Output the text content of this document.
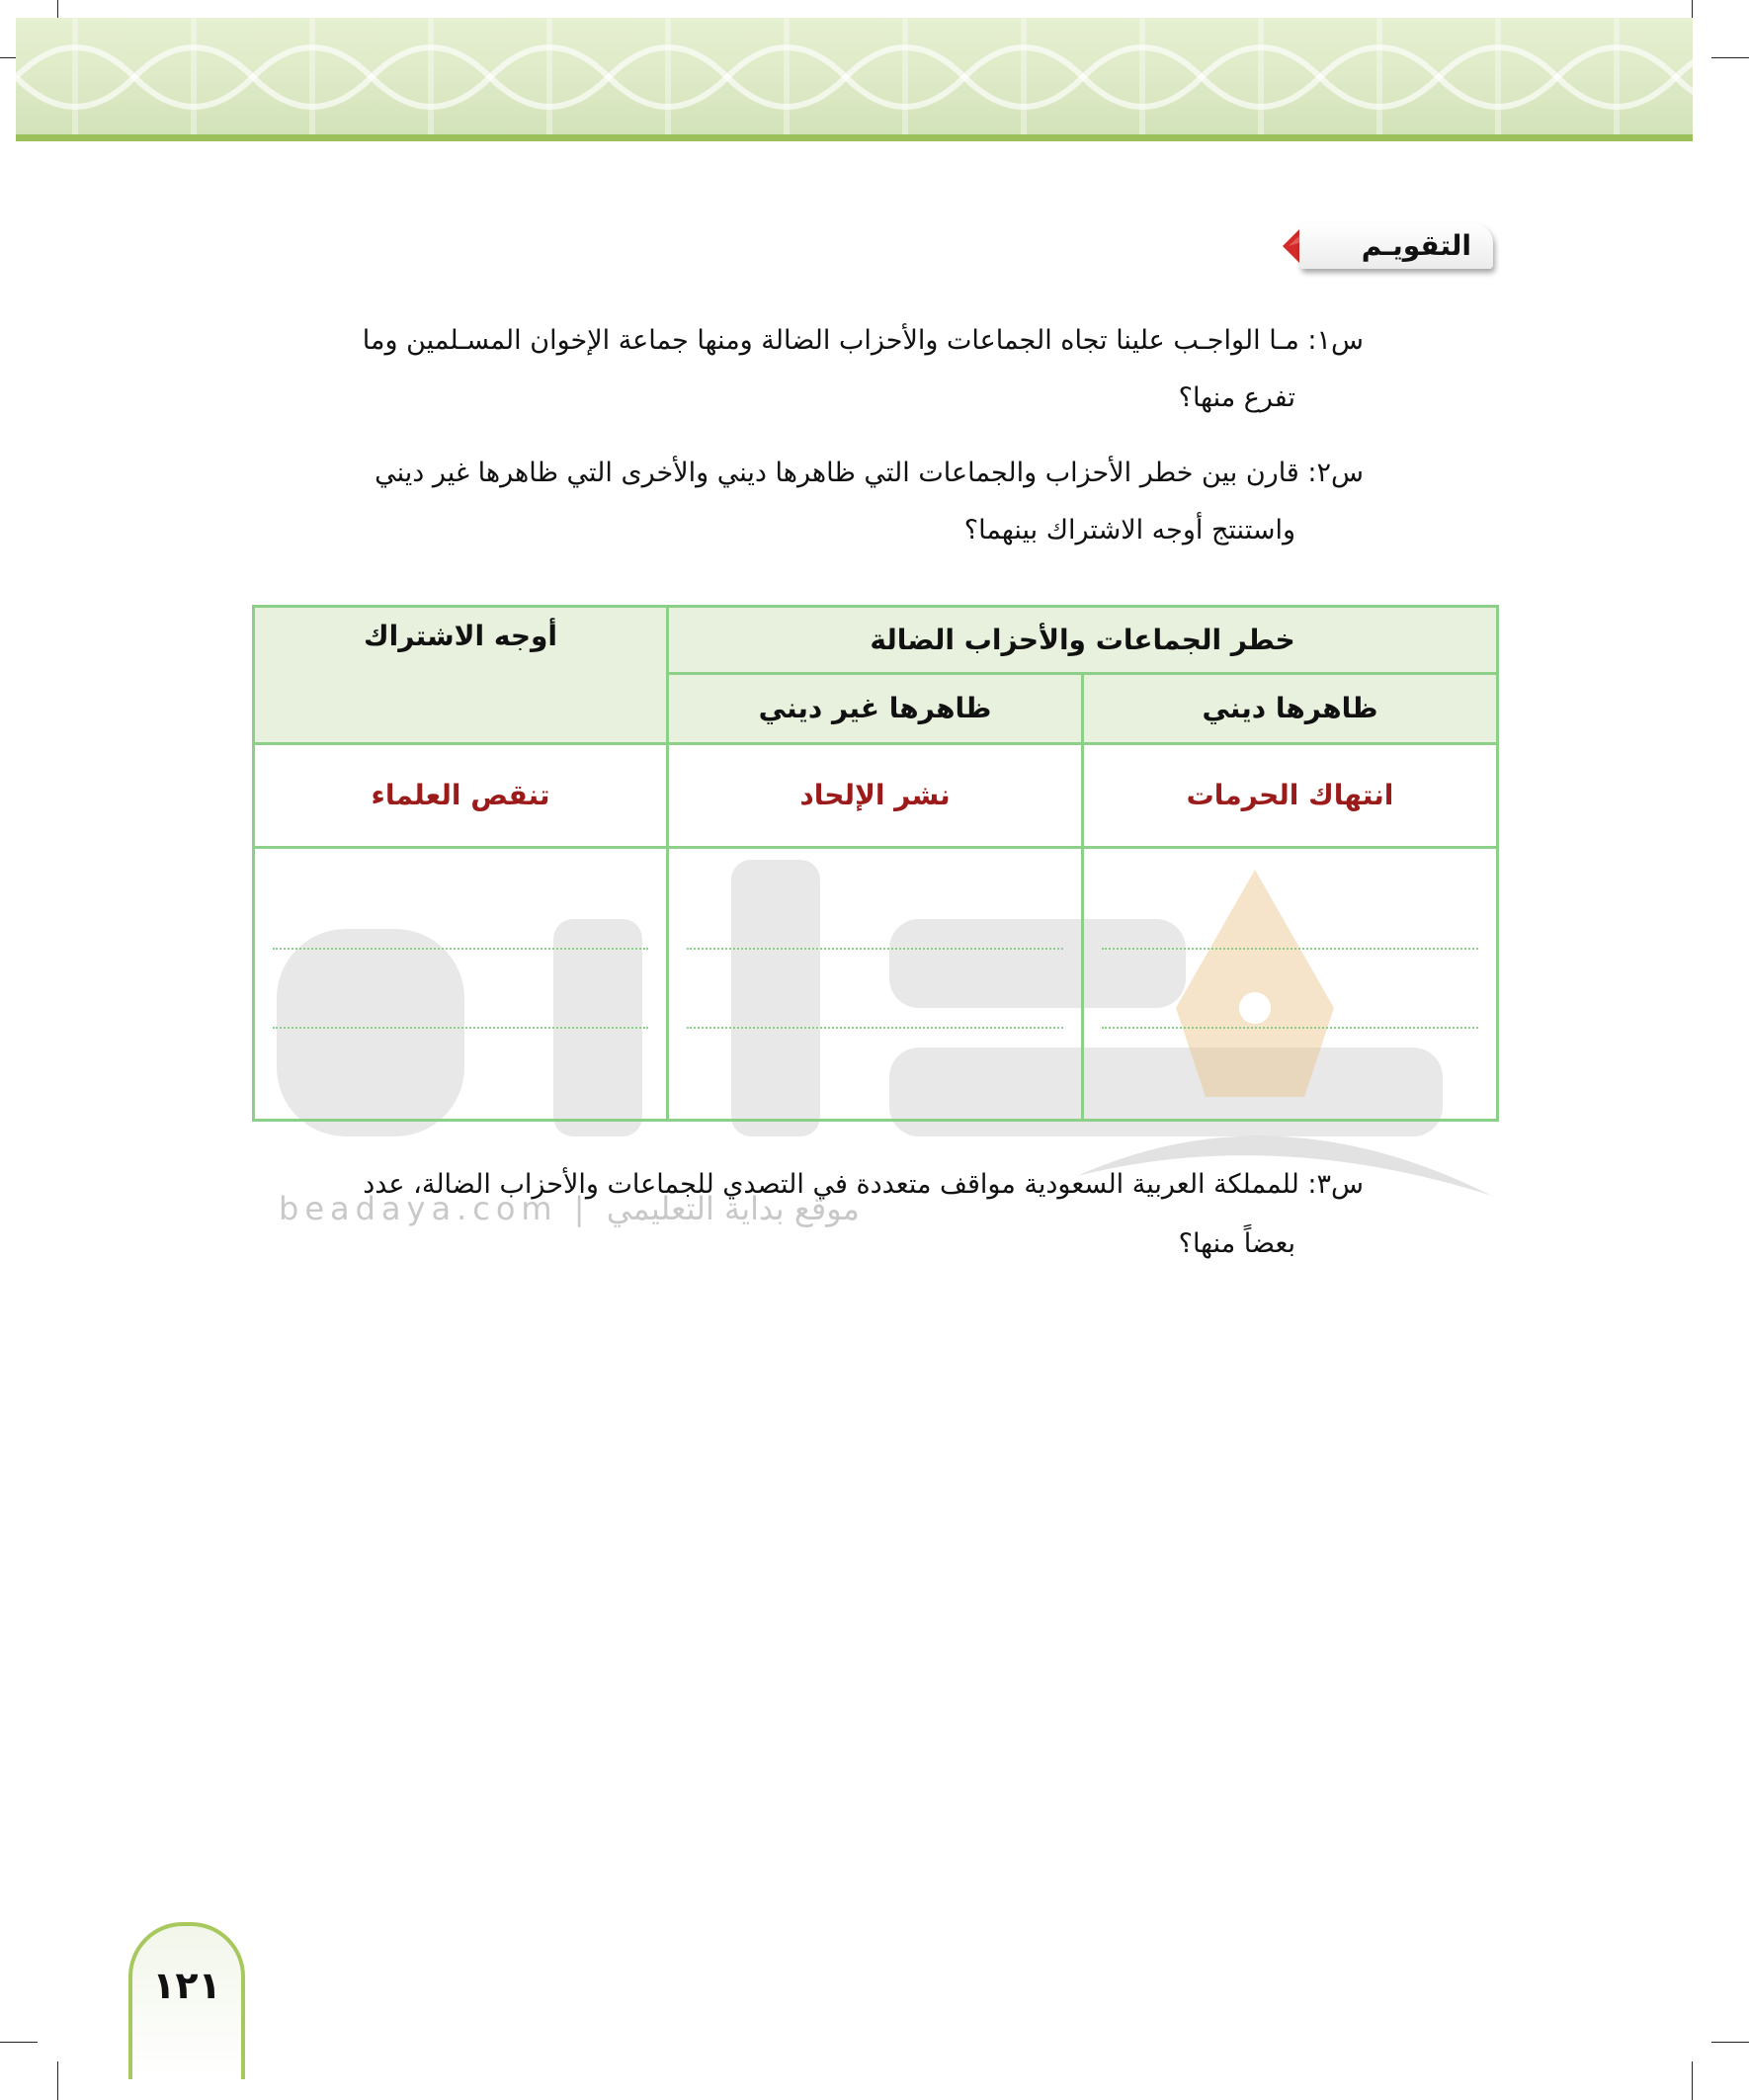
التقويـم
س١: مـا الواجـب علينا تجاه الجماعات والأحزاب الضالة ومنها جماعة الإخوان المسـلمين وما
تفرع منها؟
س٢: قارن بين خطر الأحزاب والجماعات التي ظاهرها ديني والأخرى التي ظاهرها غير ديني
واستنتج أوجه الاشتراك بينهما؟
خطر الجماعات والأحزاب الضالة		أوجه الاشتراك
ظاهرها ديني	ظاهرها غير ديني	
انتهاك الحرمات	نشر الإلحاد	تنقص العلماء

beadaya.com | موقع بداية التعليمي
س٣: للمملكة العربية السعودية مواقف متعددة في التصدي للجماعات والأحزاب الضالة، عدد
بعضاً منها؟
١٢١
